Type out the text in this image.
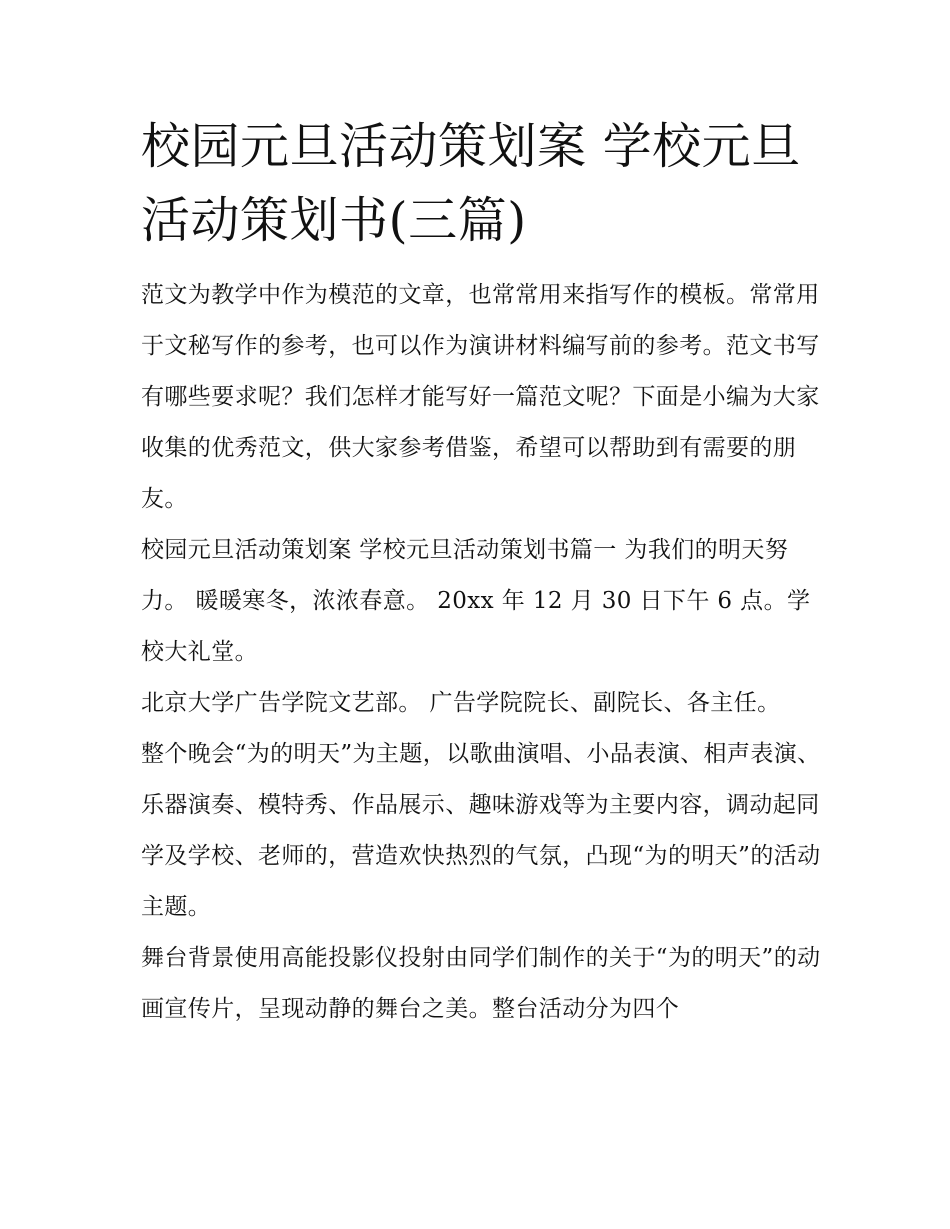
校园元旦活动策划案 学校元旦活动策划书(三篇)

范文为教学中作为模范的文章，也常常用来指写作的模板。常常用于文秘写作的参考，也可以作为演讲材料编写前的参考。范文书写有哪些要求呢？我们怎样才能写好一篇范文呢？下面是小编为大家收集的优秀范文，供大家参考借鉴，希望可以帮助到有需要的朋友。

校园元旦活动策划案 学校元旦活动策划书篇一 为我们的明天努力。 暖暖寒冬，浓浓春意。 20xx 年 12 月 30 日下午 6 点。学校大礼堂。

北京大学广告学院文艺部。 广告学院院长、副院长、各主任。

整个晚会“为的明天”为主题，以歌曲演唱、小品表演、相声表演、乐器演奏、模特秀、作品展示、趣味游戏等为主要内容，调动起同学及学校、老师的，营造欢快热烈的气氛，凸现“为的明天”的活动主题。

舞台背景使用高能投影仪投射由同学们制作的关于“为的明天”的动画宣传片，呈现动静的舞台之美。整台活动分为四个
